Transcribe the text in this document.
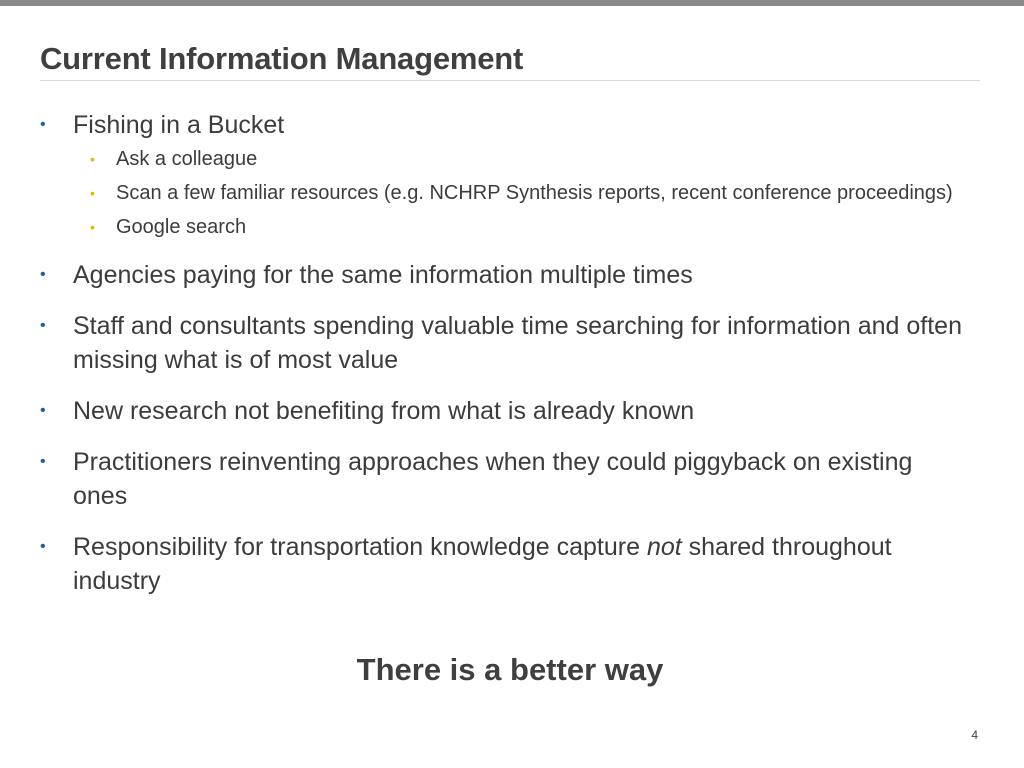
Current Information Management
• Fishing in a Bucket
• Ask a colleague
• Scan a few familiar resources (e.g. NCHRP Synthesis reports, recent conference proceedings)
• Google search
• Agencies paying for the same information multiple times
• Staff and consultants spending valuable time searching for information and often missing what is of most value
• New research not benefiting from what is already known
• Practitioners reinventing approaches when they could piggyback on existing ones
• Responsibility for transportation knowledge capture not shared throughout industry

There is a better way

4
